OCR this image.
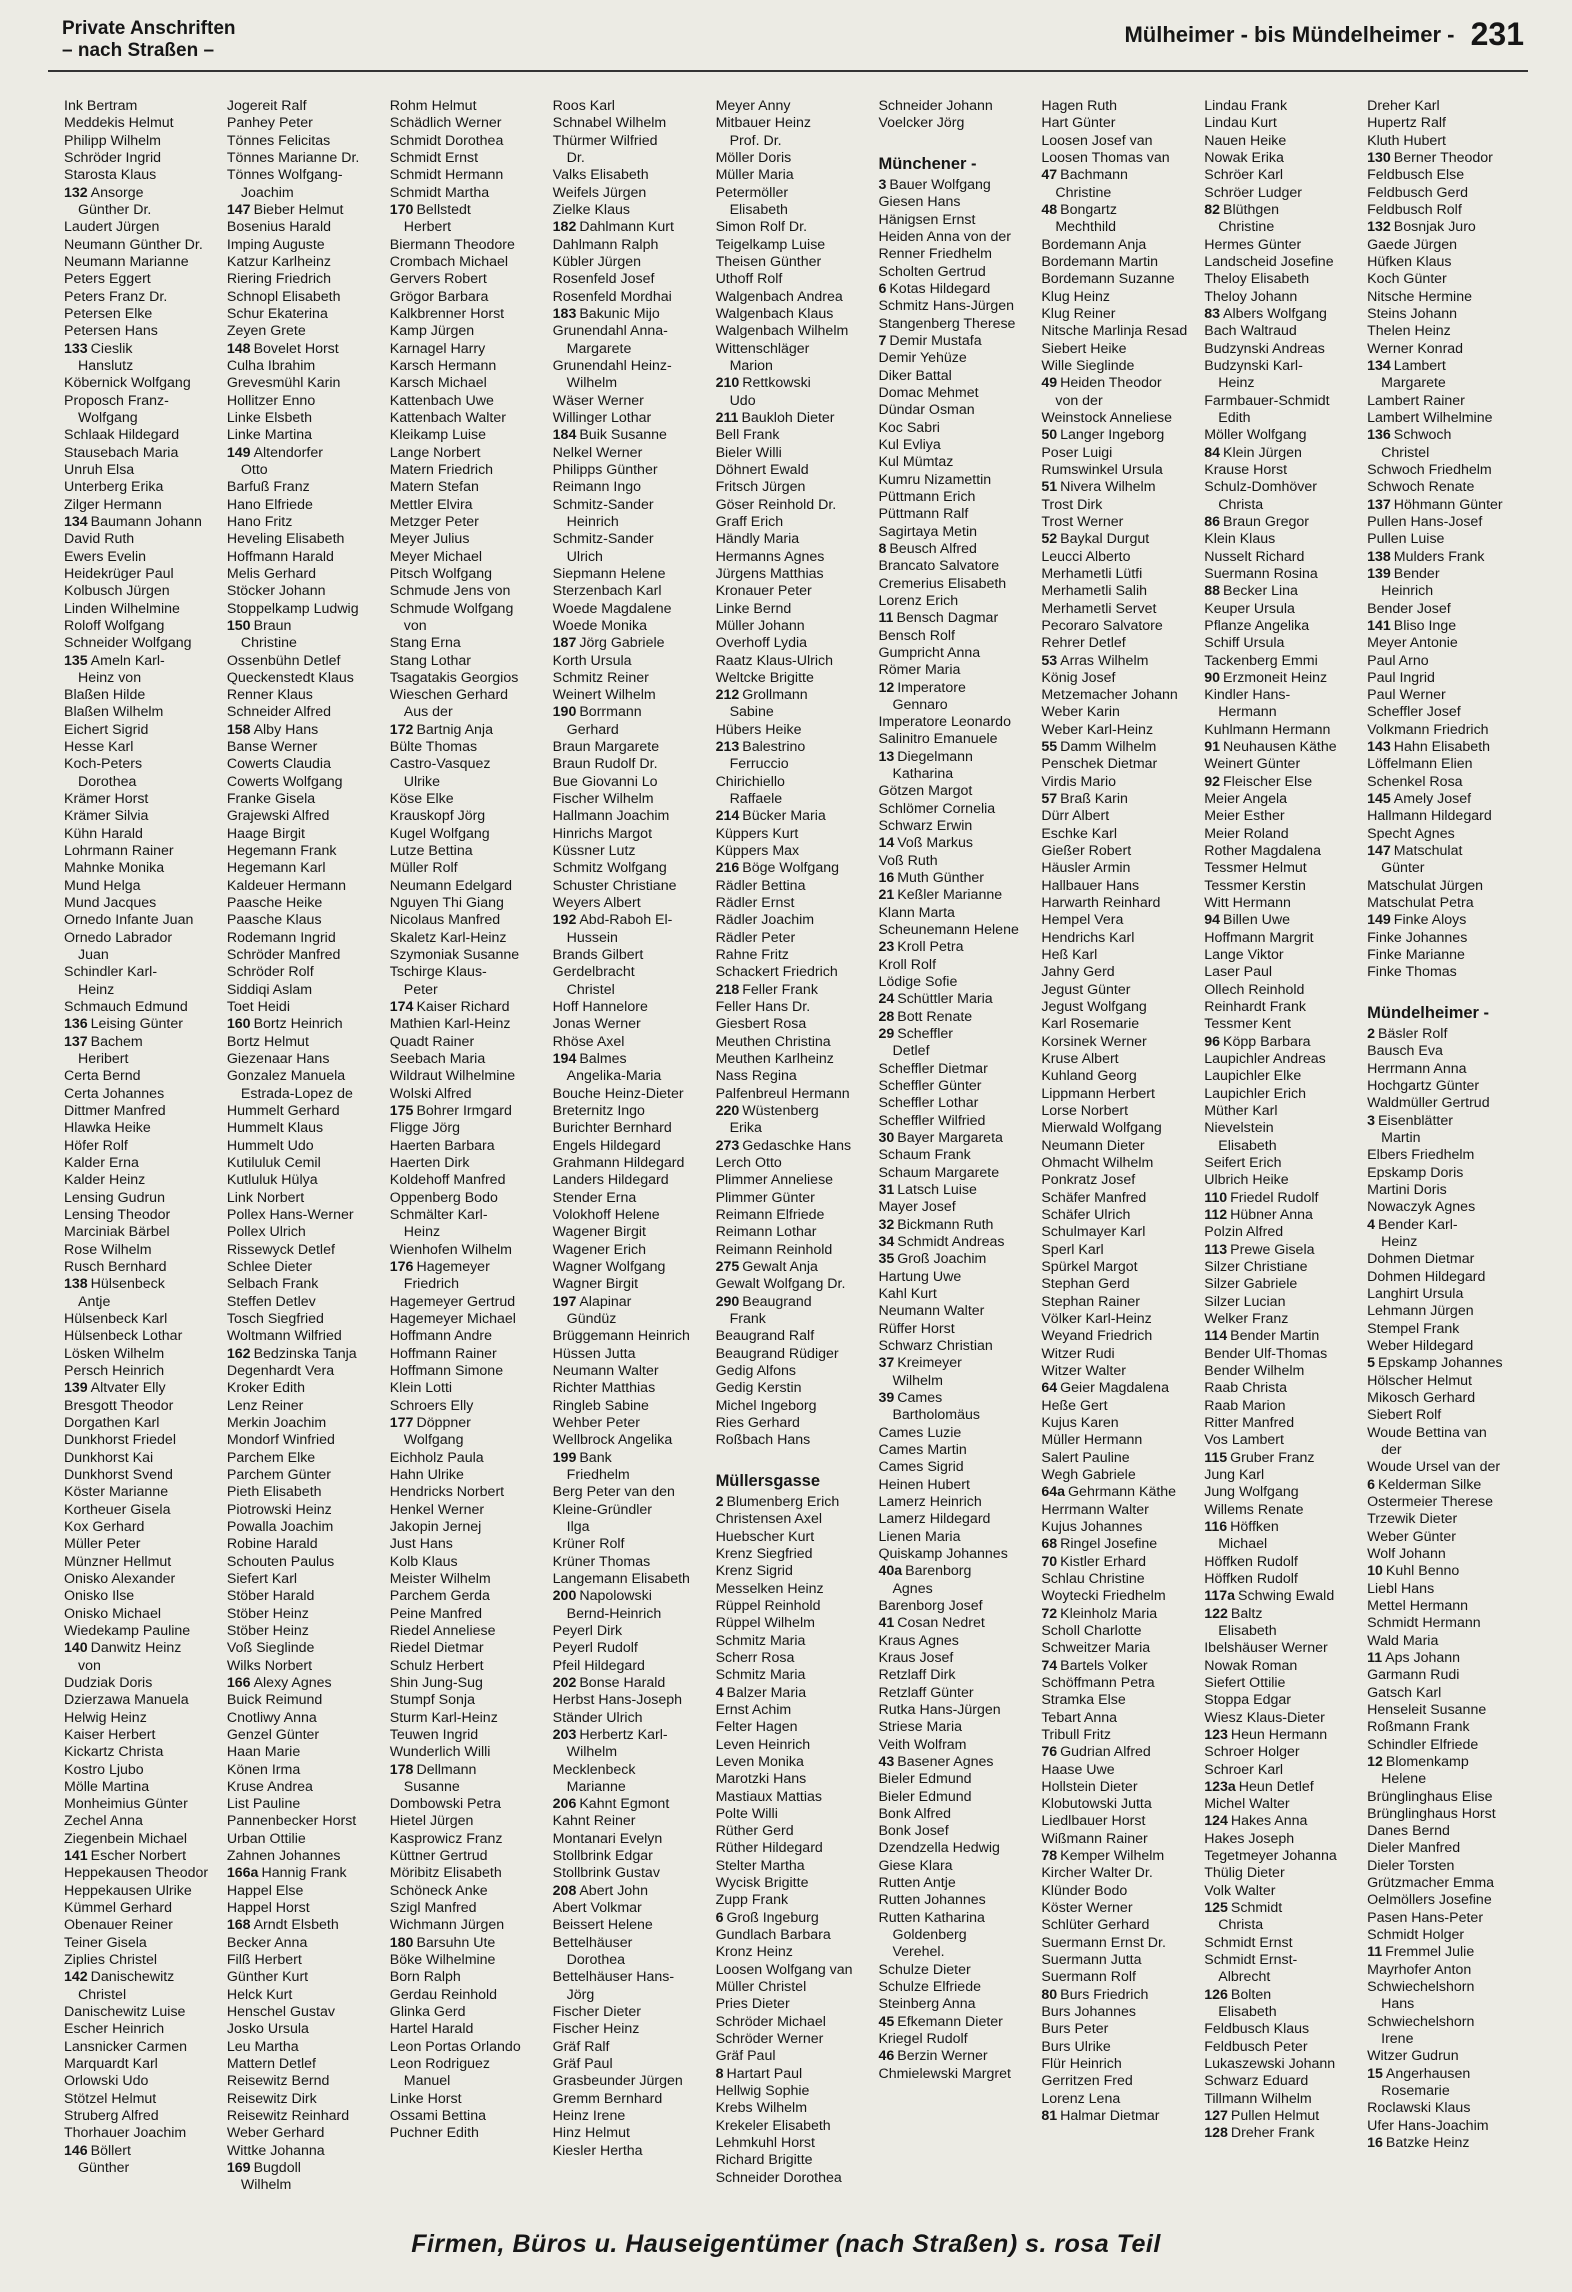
Private Anschriften
– nach Straßen –
Mülheimer - bis Mündelheimer - 231
Ink Bertram
Meddekis Helmut
Philipp Wilhelm
Schröder Ingrid
Starosta Klaus
132 Ansorge
Günther Dr.
Laudert Jürgen
Neumann Günther Dr.
Neumann Marianne
Peters Eggert
Peters Franz Dr.
Petersen Elke
Petersen Hans
133 Cieslik
Hanslutz
Köbernick Wolfgang
Proposch Franz-
Wolfgang
Schlaak Hildegard
Stausebach Maria
Unruh Elsa
Unterberg Erika
Zilger Hermann
134 Baumann Johann
David Ruth
Ewers Evelin
Heidekrüger Paul
Kolbusch Jürgen
Linden Wilhelmine
Roloff Wolfgang
Schneider Wolfgang
135 Ameln Karl-
Heinz von
Blaßen Hilde
Blaßen Wilhelm
Eichert Sigrid
Hesse Karl
Koch-Peters
Dorothea
Krämer Horst
Krämer Silvia
Kühn Harald
Lohrmann Rainer
Mahnke Monika
Mund Helga
Mund Jacques
Ornedo Infante Juan
Ornedo Labrador
Juan
Schindler Karl-
Heinz
Schmauch Edmund
136 Leising Günter
137 Bachem
Heribert
Certa Bernd
Certa Johannes
Dittmer Manfred
Hlawka Heike
Höfer Rolf
Kalder Erna
Kalder Heinz
Lensing Gudrun
Lensing Theodor
Marciniak Bärbel
Rose Wilhelm
Rusch Bernhard
138 Hülsenbeck
Antje
Hülsenbeck Karl
Hülsenbeck Lothar
Lösken Wilhelm
Persch Heinrich
139 Altvater Elly
Bresgott Theodor
Dorgathen Karl
Dunkhorst Friedel
Dunkhorst Kai
Dunkhorst Svend
Köster Marianne
Kortheuer Gisela
Kox Gerhard
Müller Peter
Münzner Hellmut
Onisko Alexander
Onisko Ilse
Onisko Michael
Wiedekamp Pauline
140 Danwitz Heinz
von
Dudziak Doris
Dzierzawa Manuela
Helwig Heinz
Kaiser Herbert
Kickartz Christa
Kostro Ljubo
Mölle Martina
Monheimius Günter
Zechel Anna
Ziegenbein Michael
141 Escher Norbert
Heppekausen Theodor
Heppekausen Ulrike
Kümmel Gerhard
Obenauer Reiner
Teiner Gisela
Ziplies Christel
142 Danischewitz
Christel
Danischewitz Luise
Escher Heinrich
Lansnicker Carmen
Marquardt Karl
Orlowski Udo
Stötzel Helmut
Struberg Alfred
Thorhauer Joachim
146 Böllert
Günther
Jogereit Ralf
Panhey Peter
Tönnes Felicitas
Tönnes Marianne Dr.
Tönnes Wolfgang-
Joachim
147 Bieber Helmut
Bosenius Harald
Imping Auguste
Katzur Karlheinz
Riering Friedrich
Schnopl Elisabeth
Schur Ekaterina
Zeyen Grete
148 Bovelet Horst
Culha Ibrahim
Grevesmühl Karin
Hollitzer Enno
Linke Elsbeth
Linke Martina
149 Altendorfer
Otto
Barfuß Franz
Hano Elfriede
Hano Fritz
Heveling Elisabeth
Hoffmann Harald
Melis Gerhard
Stöcker Johann
Stoppelkamp Ludwig
150 Braun
Christine
Ossenbühn Detlef
Queckenstedt Klaus
Renner Klaus
Schneider Alfred
158 Alby Hans
Banse Werner
Cowerts Claudia
Cowerts Wolfgang
Franke Gisela
Grajewski Alfred
Haage Birgit
Hegemann Frank
Hegemann Karl
Kaldeuer Hermann
Paasche Heike
Paasche Klaus
Rodemann Ingrid
Schröder Manfred
Schröder Rolf
Siddiqi Aslam
Toet Heidi
160 Bortz Heinrich
Bortz Helmut
Giezenaar Hans
Gonzalez Manuela
Estrada-Lopez de
Hummelt Gerhard
Hummelt Klaus
Hummelt Udo
Kutiluluk Cemil
Kutluluk Hülya
Link Norbert
Pollex Hans-Werner
Pollex Ulrich
Rissewyck Detlef
Schlee Dieter
Selbach Frank
Steffen Detlev
Tosch Siegfried
Woltmann Wilfried
162 Bedzinska Tanja
Degenhardt Vera
Kroker Edith
Lenz Reiner
Merkin Joachim
Mondorf Winfried
Parchem Elke
Parchem Günter
Pieth Elisabeth
Piotrowski Heinz
Powalla Joachim
Robine Harald
Schouten Paulus
Siefert Karl
Stöber Harald
Stöber Heinz
Stöber Heinz
Voß Sieglinde
Wilks Norbert
166 Alexy Agnes
Buick Reimund
Cnotliwy Anna
Genzel Günter
Haan Marie
Könen Irma
Kruse Andrea
List Pauline
Pannenbecker Horst
Urban Ottilie
Zahnen Johannes
166a Hannig Frank
Happel Else
Happel Horst
168 Arndt Elsbeth
Becker Anna
Filß Herbert
Günther Kurt
Helck Kurt
Henschel Gustav
Josko Ursula
Leu Martha
Mattern Detlef
Reisewitz Bernd
Reisewitz Dirk
Reisewitz Reinhard
Weber Gerhard
Wittke Johanna
169 Bugdoll
Wilhelm
Rohm Helmut
Schädlich Werner
Schmidt Dorothea
Schmidt Ernst
Schmidt Hermann
Schmidt Martha
170 Bellstedt
Herbert
Biermann Theodore
Crombach Michael
Gervers Robert
Grögor Barbara
Kalkbrenner Horst
Kamp Jürgen
Karnagel Harry
Karsch Hermann
Karsch Michael
Kattenbach Uwe
Kattenbach Walter
Kleikamp Luise
Lange Norbert
Matern Friedrich
Matern Stefan
Mettler Elvira
Metzger Peter
Meyer Julius
Meyer Michael
Pitsch Wolfgang
Schmude Jens von
Schmude Wolfgang
von
Stang Erna
Stang Lothar
Tsagatakis Georgios
Wieschen Gerhard
Aus der
172 Bartnig Anja
Bülte Thomas
Castro-Vasquez
Ulrike
Köse Elke
Krauskopf Jörg
Kugel Wolfgang
Lutze Bettina
Müller Rolf
Neumann Edelgard
Nguyen Thi Giang
Nicolaus Manfred
Skaletz Karl-Heinz
Szymoniak Susanne
Tschirge Klaus-
Peter
174 Kaiser Richard
Mathien Karl-Heinz
Quadt Rainer
Seebach Maria
Wildraut Wilhelmine
Wolski Alfred
175 Bohrer Irmgard
Fligge Jörg
Haerten Barbara
Haerten Dirk
Koldehoff Manfred
Oppenberg Bodo
Schmälter Karl-
Heinz
Wienhofen Wilhelm
176 Hagemeyer
Friedrich
Hagemeyer Gertrud
Hagemeyer Michael
Hoffmann Andre
Hoffmann Rainer
Hoffmann Simone
Klein Lotti
Schroers Elly
177 Döppner
Wolfgang
Eichholz Paula
Hahn Ulrike
Hendricks Norbert
Henkel Werner
Jakopin Jernej
Just Hans
Kolb Klaus
Meister Wilhelm
Parchem Gerda
Peine Manfred
Riedel Anneliese
Riedel Dietmar
Schulz Herbert
Shin Jung-Sug
Stumpf Sonja
Sturm Karl-Heinz
Teuwen Ingrid
Wunderlich Willi
178 Dellmann
Susanne
Dombowski Petra
Hietel Jürgen
Kasprowicz Franz
Küttner Gertrud
Möribitz Elisabeth
Schöneck Anke
Szigl Manfred
Wichmann Jürgen
180 Barsuhn Ute
Böke Wilhelmine
Born Ralph
Gerdau Reinhold
Glinka Gerd
Hartel Harald
Leon Portas Orlando
Leon Rodriguez
Manuel
Linke Horst
Ossami Bettina
Puchner Edith
Roos Karl
Schnabel Wilhelm
Thürmer Wilfried
Dr.
Valks Elisabeth
Weifels Jürgen
Zielke Klaus
182 Dahlmann Kurt
Dahlmann Ralph
Kübler Jürgen
Rosenfeld Josef
Rosenfeld Mordhai
183 Bakunic Mijo
Grunendahl Anna-
Margarete
Grunendahl Heinz-
Wilhelm
Wäser Werner
Willinger Lothar
184 Buik Susanne
Nelkel Werner
Philipps Günther
Reimann Ingo
Schmitz-Sander
Heinrich
Schmitz-Sander
Ulrich
Siepmann Helene
Sterzenbach Karl
Woede Magdalene
Woede Monika
187 Jörg Gabriele
Korth Ursula
Schmitz Reiner
Weinert Wilhelm
190 Borrmann
Gerhard
Braun Margarete
Braun Rudolf Dr.
Bue Giovanni Lo
Fischer Wilhelm
Hallmann Joachim
Hinrichs Margot
Küssner Lutz
Schmitz Wolfgang
Schuster Christiane
Weyers Albert
192 Abd-Raboh El-
Hussein
Brands Gilbert
Gerdelbracht
Christel
Hoff Hannelore
Jonas Werner
Rhöse Axel
194 Balmes
Angelika-Maria
Bouche Heinz-Dieter
Breternitz Ingo
Burichter Bernhard
Engels Hildegard
Grahmann Hildegard
Landers Hildegard
Stender Erna
Volokhoff Helene
Wagener Birgit
Wagener Erich
Wagner Wolfgang
Wagner Birgit
197 Alapinar
Gündüz
Brüggemann Heinrich
Hüssen Jutta
Neumann Walter
Richter Matthias
Ringleb Sabine
Wehber Peter
Wellbrock Angelika
199 Bank
Friedhelm
Berg Peter van den
Kleine-Gründler
Ilga
Krüner Rolf
Krüner Thomas
Langemann Elisabeth
200 Napolowski
Bernd-Heinrich
Peyerl Dirk
Peyerl Rudolf
Pfeil Hildegard
202 Bonse Harald
Herbst Hans-Joseph
Ständer Ulrich
203 Herbertz Karl-
Wilhelm
Mecklenbeck
Marianne
206 Kahnt Egmont
Kahnt Reiner
Montanari Evelyn
Stollbrink Edgar
Stollbrink Gustav
208 Abert John
Abert Volkmar
Beissert Helene
Bettelhäuser
Dorothea
Bettelhäuser Hans-
Jörg
Fischer Dieter
Fischer Heinz
Gräf Ralf
Gräf Paul
Grasbeunder Jürgen
Gremm Bernhard
Heinz Irene
Hinz Helmut
Kiesler Hertha
Meyer Anny
Mitbauer Heinz
Prof. Dr.
Möller Doris
Müller Maria
Petermöller
Elisabeth
Simon Rolf Dr.
Teigelkamp Luise
Theisen Günther
Uthoff Rolf
Walgenbach Andrea
Walgenbach Klaus
Walgenbach Wilhelm
Wittenschläger
Marion
210 Rettkowski
Udo
211 Baukloh Dieter
Bell Frank
Bieler Willi
Döhnert Ewald
Fritsch Jürgen
Göser Reinhold Dr.
Graff Erich
Händly Maria
Hermanns Agnes
Jürgens Matthias
Kronauer Peter
Linke Bernd
Müller Johann
Overhoff Lydia
Raatz Klaus-Ulrich
Weltcke Brigitte
212 Grollmann
Sabine
Hübers Heike
213 Balestrino
Ferruccio
Chirichiello
Raffaele
214 Bücker Maria
Küppers Kurt
Küppers Max
216 Böge Wolfgang
Rädler Bettina
Rädler Ernst
Rädler Joachim
Rädler Peter
Rahne Fritz
Schackert Friedrich
218 Feller Frank
Feller Hans Dr.
Giesbert Rosa
Meuthen Christina
Meuthen Karlheinz
Nass Regina
Palfenbreul Hermann
220 Wüstenberg
Erika
273 Gedaschke Hans
Lerch Otto
Plimmer Anneliese
Plimmer Günter
Reimann Elfriede
Reimann Lothar
Reimann Reinhold
275 Gewalt Anja
Gewalt Wolfgang Dr.
290 Beaugrand
Frank
Beaugrand Ralf
Beaugrand Rüdiger
Gedig Alfons
Gedig Kerstin
Michel Ingeborg
Ries Gerhard
Roßbach Hans
Müllersgasse
2 Blumenberg Erich
Christensen Axel
Huebscher Kurt
Krenz Siegfried
Krenz Sigrid
Messelken Heinz
Rüppel Reinhold
Rüppel Wilhelm
Schmitz Maria
Scherr Rosa
Schmitz Maria
4 Balzer Maria
Ernst Achim
Felter Hagen
Leven Heinrich
Leven Monika
Marotzki Hans
Mastiaux Mattias
Polte Willi
Rüther Gerd
Rüther Hildegard
Stelter Martha
Wycisk Brigitte
Zupp Frank
6 Groß Ingeburg
Gundlach Barbara
Kronz Heinz
Loosen Wolfgang van
Müller Christel
Pries Dieter
Schröder Michael
Schröder Werner
Gräf Paul
8 Hartart Paul
Hellwig Sophie
Krebs Wilhelm
Krekeler Elisabeth
Lehmkuhl Horst
Richard Brigitte
Schneider Dorothea
Schneider Johann
Voelcker Jörg
Münchener -
3 Bauer Wolfgang
Giesen Hans
Hänigsen Ernst
Heiden Anna von der
Renner Friedhelm
Scholten Gertrud
6 Kotas Hildegard
Schmitz Hans-Jürgen
Stangenberg Therese
7 Demir Mustafa
Demir Yehüze
Diker Battal
Domac Mehmet
Dündar Osman
Koc Sabri
Kul Evliya
Kul Mümtaz
Kumru Nizamettin
Püttmann Erich
Püttmann Ralf
Sagirtaya Metin
8 Beusch Alfred
Brancato Salvatore
Cremerius Elisabeth
Lorenz Erich
11 Bensch Dagmar
Bensch Rolf
Gumpricht Anna
Römer Maria
12 Imperatore
Gennaro
Imperatore Leonardo
Salinitro Emanuele
13 Diegelmann
Katharina
Götzen Margot
Schlömer Cornelia
Schwarz Erwin
14 Voß Markus
Voß Ruth
16 Muth Günther
21 Keßler Marianne
Klann Marta
Scheunemann Helene
23 Kroll Petra
Kroll Rolf
Lödige Sofie
24 Schüttler Maria
28 Bott Renate
29 Scheffler
Detlef
Scheffler Dietmar
Scheffler Günter
Scheffler Lothar
Scheffler Wilfried
30 Bayer Margareta
Schaum Frank
Schaum Margarete
31 Latsch Luise
Mayer Josef
32 Bickmann Ruth
34 Schmidt Andreas
35 Groß Joachim
Hartung Uwe
Kahl Kurt
Neumann Walter
Rüffer Horst
Schwarz Christian
37 Kreimeyer
Wilhelm
39 Cames
Bartholomäus
Cames Luzie
Cames Martin
Cames Sigrid
Heinen Hubert
Lamerz Heinrich
Lamerz Hildegard
Lienen Maria
Quiskamp Johannes
40a Barenborg
Agnes
Barenborg Josef
41 Cosan Nedret
Kraus Agnes
Kraus Josef
Retzlaff Dirk
Retzlaff Günter
Rutka Hans-Jürgen
Striese Maria
Veith Wolfram
43 Basener Agnes
Bieler Edmund
Bieler Edmund
Bonk Alfred
Bonk Josef
Dzendzella Hedwig
Giese Klara
Rutten Antje
Rutten Johannes
Rutten Katharina
Goldenberg
Verehel.
Schulze Dieter
Schulze Elfriede
Steinberg Anna
45 Efkemann Dieter
Kriegel Rudolf
46 Berzin Werner
Chmielewski Margret
Hagen Ruth
Hart Günter
Loosen Josef van
Loosen Thomas van
47 Bachmann
Christine
48 Bongartz
Mechthild
Bordemann Anja
Bordemann Martin
Bordemann Suzanne
Klug Heinz
Klug Reiner
Nitsche Marlinja Resad
Siebert Heike
Wille Sieglinde
49 Heiden Theodor
von der
Weinstock Anneliese
50 Langer Ingeborg
Poser Luigi
Rumswinkel Ursula
51 Nivera Wilhelm
Trost Dirk
Trost Werner
52 Baykal Durgut
Leucci Alberto
Merhametli Lütfi
Merhametli Salih
Merhametli Servet
Pecoraro Salvatore
Rehrer Detlef
53 Arras Wilhelm
König Josef
Metzemacher Johann
Weber Karin
Weber Karl-Heinz
55 Damm Wilhelm
Penschek Dietmar
Virdis Mario
57 Braß Karin
Dürr Albert
Eschke Karl
Gießer Robert
Häusler Armin
Hallbauer Hans
Harwarth Reinhard
Hempel Vera
Hendrichs Karl
Heß Karl
Jahny Gerd
Jegust Günter
Jegust Wolfgang
Karl Rosemarie
Korsinek Werner
Kruse Albert
Kuhland Georg
Lippmann Herbert
Lorse Norbert
Mierwald Wolfgang
Neumann Dieter
Ohmacht Wilhelm
Ponkratz Josef
Schäfer Manfred
Schäfer Ulrich
Schulmayer Karl
Sperl Karl
Spürkel Margot
Stephan Gerd
Stephan Rainer
Völker Karl-Heinz
Weyand Friedrich
Witzer Rudi
Witzer Walter
64 Geier Magdalena
Heße Gert
Kujus Karen
Müller Hermann
Salert Pauline
Wegh Gabriele
64a Gehrmann Käthe
Herrmann Walter
Kujus Johannes
68 Ringel Josefine
70 Kistler Erhard
Schlau Christine
Woytecki Friedhelm
72 Kleinholz Maria
Scholl Charlotte
Schweitzer Maria
74 Bartels Volker
Schöffmann Petra
Stramka Else
Tebart Anna
Tribull Fritz
76 Gudrian Alfred
Haase Uwe
Hollstein Dieter
Klobutowski Jutta
Liedlbauer Horst
Wißmann Rainer
78 Kemper Wilhelm
Kircher Walter Dr.
Klünder Bodo
Köster Werner
Schlüter Gerhard
Suermann Ernst Dr.
Suermann Jutta
Suermann Rolf
80 Burs Friedrich
Burs Johannes
Burs Peter
Burs Ulrike
Flür Heinrich
Gerritzen Fred
Lorenz Lena
81 Halmar Dietmar
Lindau Frank
Lindau Kurt
Nauen Heike
Nowak Erika
Schröer Karl
Schröer Ludger
82 Blüthgen
Christine
Hermes Günter
Landscheid Josefine
Theloy Elisabeth
Theloy Johann
83 Albers Wolfgang
Bach Waltraud
Budzynski Andreas
Budzynski Karl-
Heinz
Farmbauer-Schmidt
Edith
Möller Wolfgang
84 Klein Jürgen
Krause Horst
Schulz-Domhöver
Christa
86 Braun Gregor
Klein Klaus
Nusselt Richard
Suermann Rosina
88 Becker Lina
Keuper Ursula
Pflanze Angelika
Schiff Ursula
Tackenberg Emmi
90 Erzmoneit Heinz
Kindler Hans-
Hermann
Kuhlmann Hermann
91 Neuhausen Käthe
Weinert Günter
92 Fleischer Else
Meier Angela
Meier Esther
Meier Roland
Rother Magdalena
Tessmer Helmut
Tessmer Kerstin
Witt Hermann
94 Billen Uwe
Hoffmann Margrit
Lange Viktor
Laser Paul
Ollech Reinhold
Reinhardt Frank
Tessmer Kent
96 Köpp Barbara
Laupichler Andreas
Laupichler Elke
Laupichler Erich
Müther Karl
Nievelstein
Elisabeth
Seifert Erich
Ulbrich Heike
110 Friedel Rudolf
112 Hübner Anna
Polzin Alfred
113 Prewe Gisela
Silzer Christiane
Silzer Gabriele
Silzer Lucian
Welker Franz
114 Bender Martin
Bender Ulf-Thomas
Bender Wilhelm
Raab Christa
Raab Marion
Ritter Manfred
Vos Lambert
115 Gruber Franz
Jung Karl
Jung Wolfgang
Willems Renate
116 Höffken
Michael
Höffken Rudolf
Höffken Rudolf
117a Schwing Ewald
122 Baltz
Elisabeth
Ibelshäuser Werner
Nowak Roman
Siefert Ottilie
Stoppa Edgar
Wiesz Klaus-Dieter
123 Heun Hermann
Schroer Holger
Schroer Karl
123a Heun Detlef
Michel Walter
124 Hakes Anna
Hakes Joseph
Tegetmeyer Johanna
Thülig Dieter
Volk Walter
125 Schmidt
Christa
Schmidt Ernst
Schmidt Ernst-
Albrecht
126 Bolten
Elisabeth
Feldbusch Klaus
Feldbusch Peter
Lukaszewski Johann
Schwarz Eduard
Tillmann Wilhelm
127 Pullen Helmut
128 Dreher Frank
Dreher Karl
Hupertz Ralf
Kluth Hubert
130 Berner Theodor
Feldbusch Else
Feldbusch Gerd
Feldbusch Rolf
132 Bosnjak Juro
Gaede Jürgen
Hüfken Klaus
Koch Günter
Nitsche Hermine
Steins Johann
Thelen Heinz
Werner Konrad
134 Lambert
Margarete
Lambert Rainer
Lambert Wilhelmine
136 Schwoch
Christel
Schwoch Friedhelm
Schwoch Renate
137 Höhmann Günter
Pullen Hans-Josef
Pullen Luise
138 Mulders Frank
139 Bender
Heinrich
Bender Josef
141 Bliso Inge
Meyer Antonie
Paul Arno
Paul Ingrid
Paul Werner
Scheffler Josef
Volkmann Friedrich
143 Hahn Elisabeth
Löffelmann Elien
Schenkel Rosa
145 Amely Josef
Hallmann Hildegard
Specht Agnes
147 Matschulat
Günter
Matschulat Jürgen
Matschulat Petra
149 Finke Aloys
Finke Johannes
Finke Marianne
Finke Thomas
Mündelheimer -
2 Bäsler Rolf
Bausch Eva
Herrmann Anna
Hochgartz Günter
Waldmüller Gertrud
3 Eisenblätter
Martin
Elbers Friedhelm
Epskamp Doris
Martini Doris
Nowaczyk Agnes
4 Bender Karl-
Heinz
Dohmen Dietmar
Dohmen Hildegard
Langhirt Ursula
Lehmann Jürgen
Stempel Frank
Weber Hildegard
5 Epskamp Johannes
Hölscher Helmut
Mikosch Gerhard
Siebert Rolf
Woude Bettina van
der
Woude Ursel van der
6 Kelderman Silke
Ostermeier Therese
Trzewik Dieter
Weber Günter
Wolf Johann
10 Kuhl Benno
Liebl Hans
Mettel Hermann
Schmidt Hermann
Wald Maria
11 Aps Johann
Garmann Rudi
Gatsch Karl
Henseleit Susanne
Roßmann Frank
Schindler Elfriede
12 Blomenkamp
Helene
Brünglinghaus Elise
Brünglinghaus Horst
Danes Bernd
Dieler Manfred
Dieler Torsten
Grützmacher Emma
Oelmöllers Josefine
Pasen Hans-Peter
Schmidt Holger
11 Fremmel Julie
Mayrhofer Anton
Schwiechelshorn
Hans
Schwiechelshorn
Irene
Witzer Gudrun
15 Angerhausen
Rosemarie
Roclawski Klaus
Ufer Hans-Joachim
16 Batzke Heinz
Firmen, Büros u. Hauseigentümer (nach Straßen) s. rosa Teil
